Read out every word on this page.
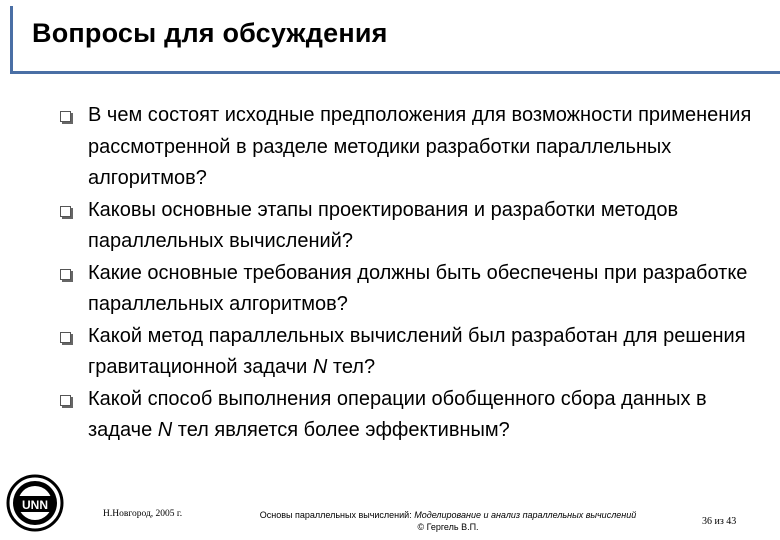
Вопросы для обсуждения
В чем состоят исходные предположения для возможности применения рассмотренной в разделе методики разработки параллельных алгоритмов?
Каковы основные этапы проектирования и разработки методов параллельных вычислений?
Какие основные требования должны быть обеспечены при разработке параллельных алгоритмов?
Какой метод параллельных вычислений был разработан для решения гравитационной задачи N тел?
Какой способ выполнения операции обобщенного сбора данных в задаче N тел является более эффективным?
UNN
Н.Новгород, 2005 г.	Основы параллельных вычислений: Моделирование и анализ параллельных вычислений
© Гергель В.П.	36 из 43
